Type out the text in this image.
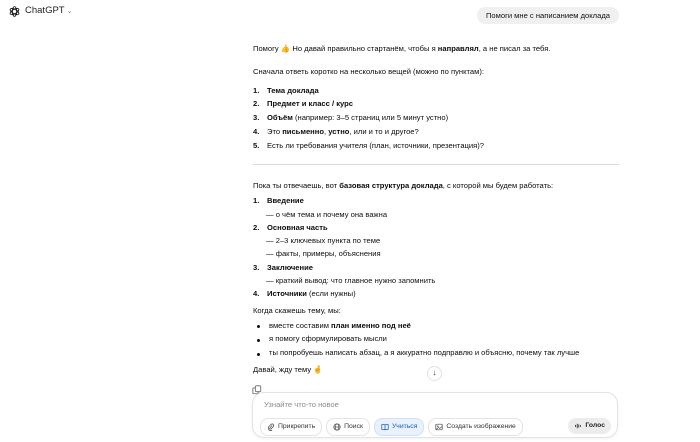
ChatGPT ⌄	Помоги мне с написанием доклада

Помогу 👍 Но давай правильно стартанём, чтобы я направлял, а не писал за тебя.

Сначала ответь коротко на несколько вещей (можно по пунктам):

1. Тема доклада
2. Предмет и класс / курс
3. Объём (например: 3–5 страниц или 5 минут устно)
4. Это письменно, устно, или и то и другое?
5. Есть ли требования учителя (план, источники, презентация)?

Пока ты отвечаешь, вот базовая структура доклада, с которой мы будем работать:

1. Введение
— о чём тема и почему она важна
2. Основная часть
— 2–3 ключевых пункта по теме
— факты, примеры, объяснения
3. Заключение
— краткий вывод: что главное нужно запомнить
4. Источники (если нужны)

Когда скажешь тему, мы:

вместе составим план именно под неё
я помогу сформулировать мысли
ты попробуешь написать абзац, а я аккуратно подправлю и объясню, почему так лучше

Давай, жду тему 🤞	↓
Узнайте что-то новое
Прикрепить	Поиск	Учиться	Создать изображение	Голос
